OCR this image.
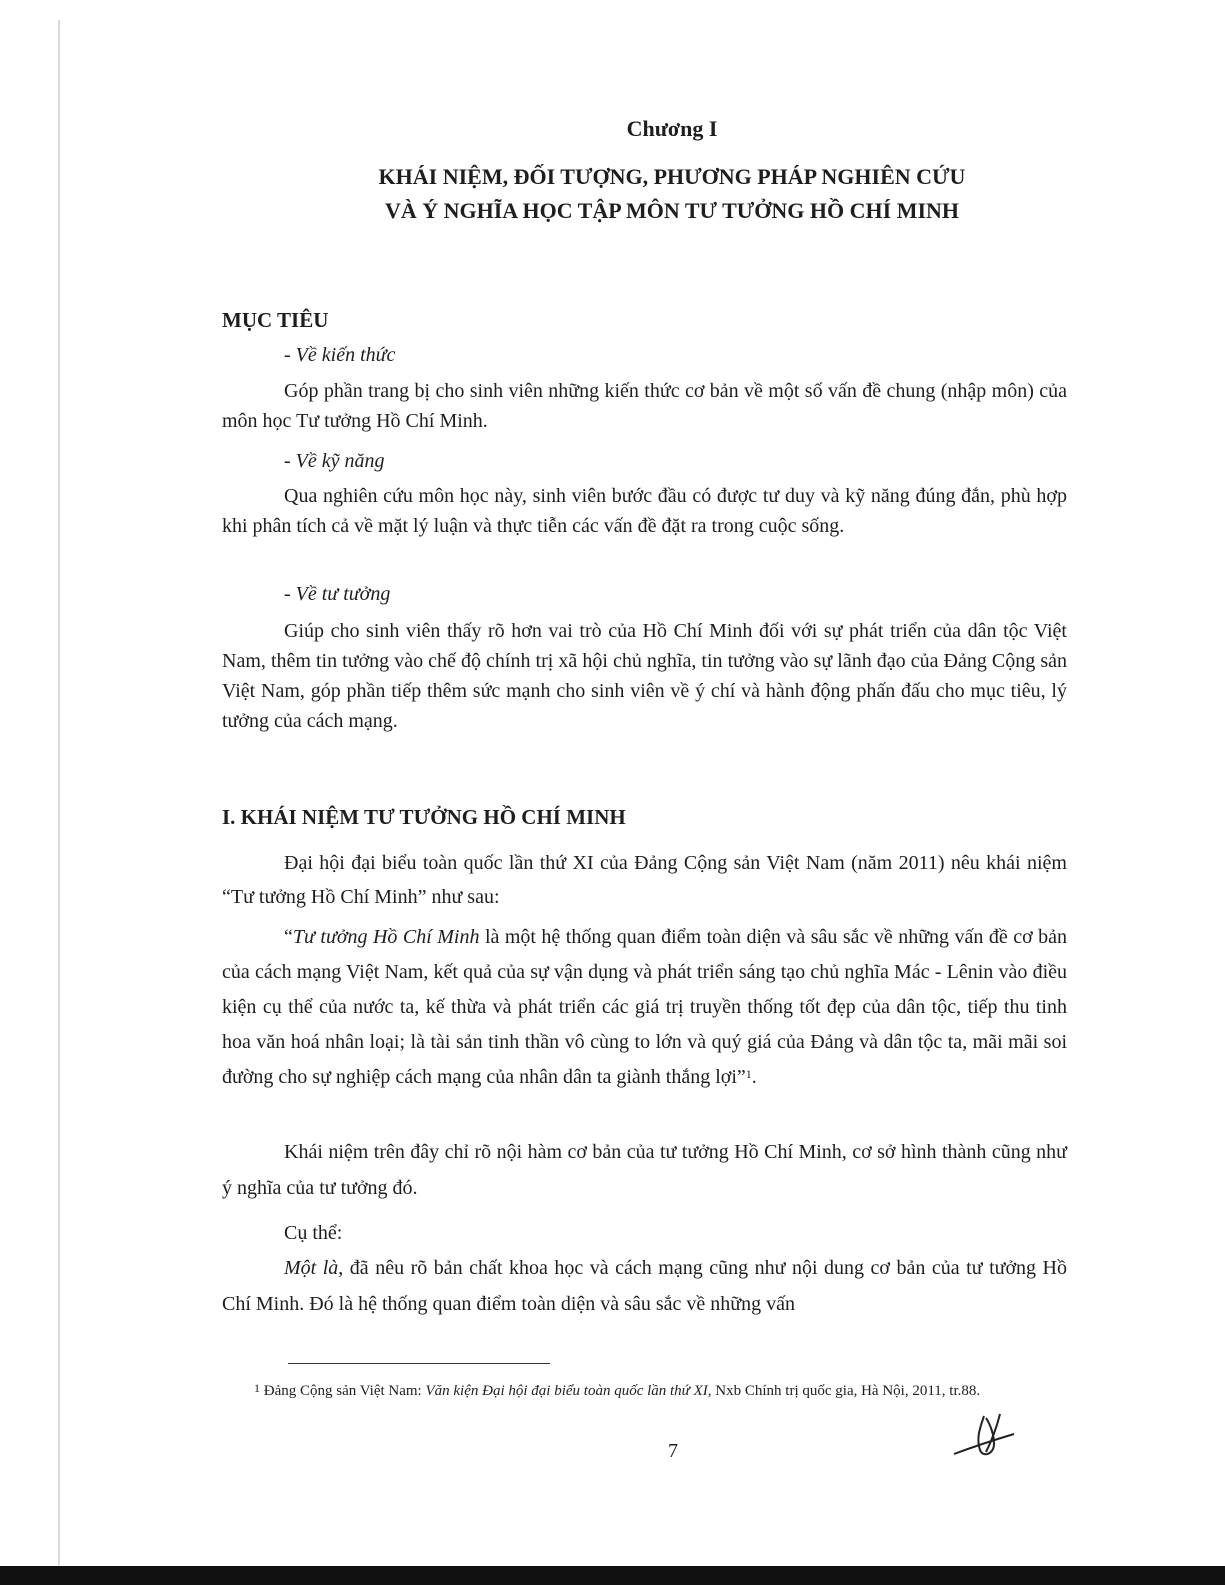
Chương I
KHÁI NIỆM, ĐỐI TƯỢNG, PHƯƠNG PHÁP NGHIÊN CỨU
VÀ Ý NGHĨA HỌC TẬP MÔN TƯ TƯỞNG HỒ CHÍ MINH
MỤC TIÊU
- Về kiến thức
Góp phần trang bị cho sinh viên những kiến thức cơ bản về một số vấn đề chung (nhập môn) của môn học Tư tưởng Hồ Chí Minh.
- Về kỹ năng
Qua nghiên cứu môn học này, sinh viên bước đầu có được tư duy và kỹ năng đúng đắn, phù hợp khi phân tích cả về mặt lý luận và thực tiễn các vấn đề đặt ra trong cuộc sống.
- Về tư tưởng
Giúp cho sinh viên thấy rõ hơn vai trò của Hồ Chí Minh đối với sự phát triển của dân tộc Việt Nam, thêm tin tưởng vào chế độ chính trị xã hội chủ nghĩa, tin tưởng vào sự lãnh đạo của Đảng Cộng sản Việt Nam, góp phần tiếp thêm sức mạnh cho sinh viên về ý chí và hành động phấn đấu cho mục tiêu, lý tưởng của cách mạng.
I. KHÁI NIỆM TƯ TƯỞNG HỒ CHÍ MINH
Đại hội đại biểu toàn quốc lần thứ XI của Đảng Cộng sản Việt Nam (năm 2011) nêu khái niệm “Tư tưởng Hồ Chí Minh” như sau:
“Tư tưởng Hồ Chí Minh là một hệ thống quan điểm toàn diện và sâu sắc về những vấn đề cơ bản của cách mạng Việt Nam, kết quả của sự vận dụng và phát triển sáng tạo chủ nghĩa Mác - Lênin vào điều kiện cụ thể của nước ta, kế thừa và phát triển các giá trị truyền thống tốt đẹp của dân tộc, tiếp thu tinh hoa văn hoá nhân loại; là tài sản tinh thần vô cùng to lớn và quý giá của Đảng và dân tộc ta, mãi mãi soi đường cho sự nghiệp cách mạng của nhân dân ta giành thắng lợi”$^1$.
Khái niệm trên đây chỉ rõ nội hàm cơ bản của tư tưởng Hồ Chí Minh, cơ sở hình thành cũng như ý nghĩa của tư tưởng đó.
Cụ thể:
Một là, đã nêu rõ bản chất khoa học và cách mạng cũng như nội dung cơ bản của tư tưởng Hồ Chí Minh. Đó là hệ thống quan điểm toàn diện và sâu sắc về những vấn
$^1$ Đảng Cộng sản Việt Nam: Văn kiện Đại hội đại biểu toàn quốc lần thứ XI, Nxb Chính trị quốc gia, Hà Nội, 2011, tr.88.
7
